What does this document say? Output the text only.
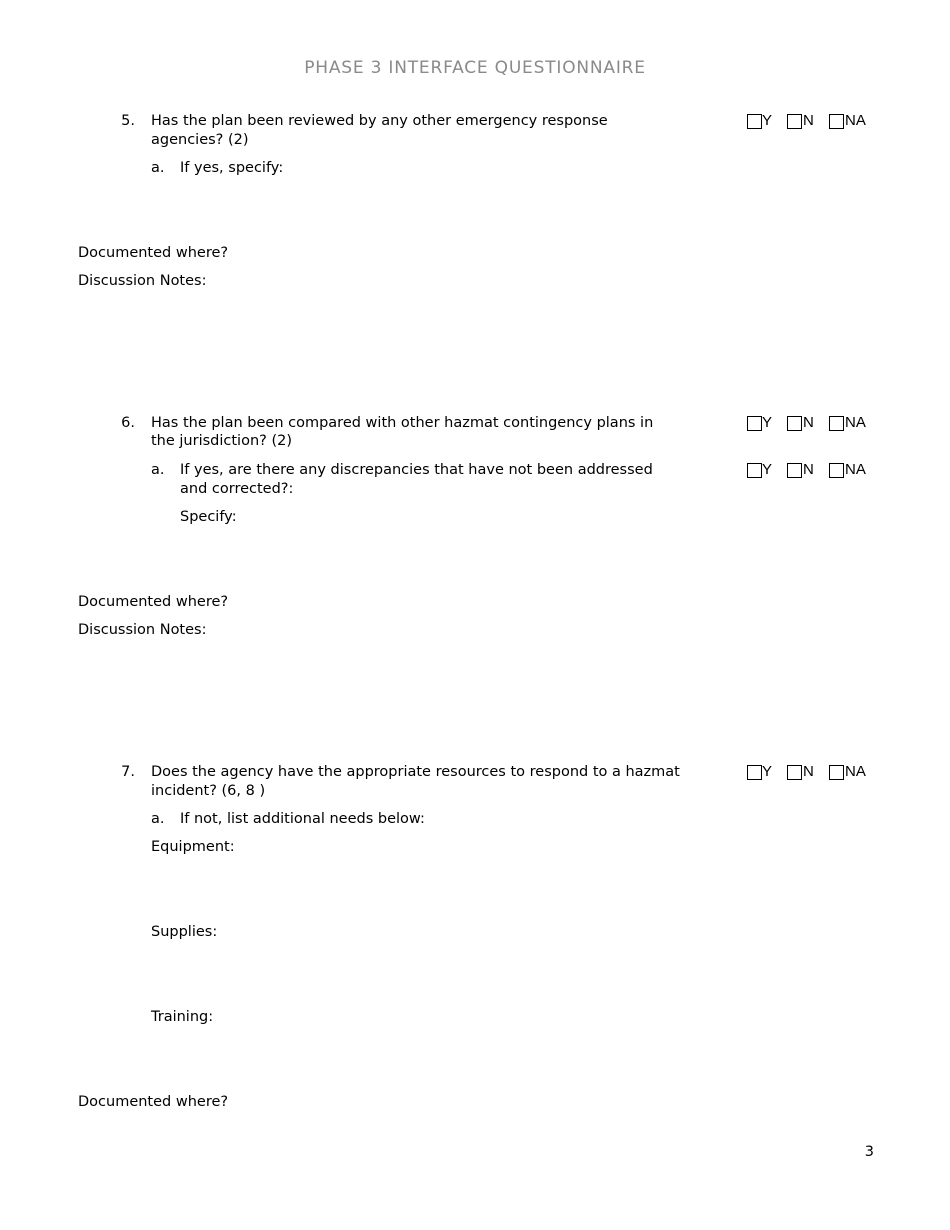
PHASE 3 INTERFACE QUESTIONNAIRE
5. Has the plan been reviewed by any other emergency response
agencies? (2)
a. If yes, specify:
Y N NA
Documented where?
Discussion Notes:
6. Has the plan been compared with other hazmat contingency plans in
the jurisdiction? (2)
Y N NA
a. If yes, are there any discrepancies that have not been addressed
and corrected?:
Y N NA
Specify:
Documented where?
Discussion Notes:
7. Does the agency have the appropriate resources to respond to a hazmat
incident? (6, 8 )
Y N NA
a. If not, list additional needs below:
Equipment:
Supplies:
Training:
Documented where?
3
